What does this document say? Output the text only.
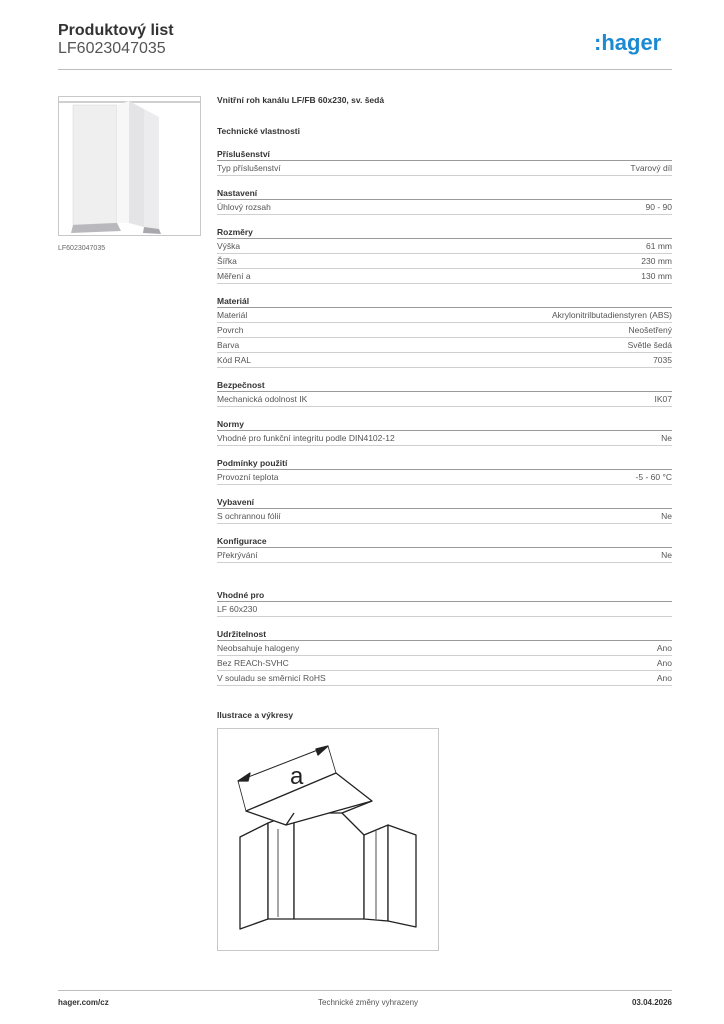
Produktový list
LF6023047035	:hager
LF6023047035
Vnitřní roh kanálu LF/FB 60x230, sv. šedá
Technické vlastnosti
Příslušenství
Typ příslušenství	Tvarový díl
Nastavení
Úhlový rozsah	90 - 90
Rozměry
Výška	61 mm
Šířka	230 mm
Měření a	130 mm
Materiál
Materiál	Akrylonitrilbutadienstyren (ABS)
Povrch	Neošetřený
Barva	Světle šedá
Kód RAL	7035
Bezpečnost
Mechanická odolnost IK	IK07
Normy
Vhodné pro funkční integritu podle DIN4102-12	Ne
Podmínky použití
Provozní teplota	-5 - 60 °C
Vybavení
S ochrannou fólií	Ne
Konfigurace
Překrývání	Ne
Vhodné pro
LF 60x230
Udržitelnost
Neobsahuje halogeny	Ano
Bez REACh-SVHC	Ano
V souladu se směrnicí RoHS	Ano
Ilustrace a výkresy
a
hager.com/cz	Technické změny vyhrazeny	03.04.2026
